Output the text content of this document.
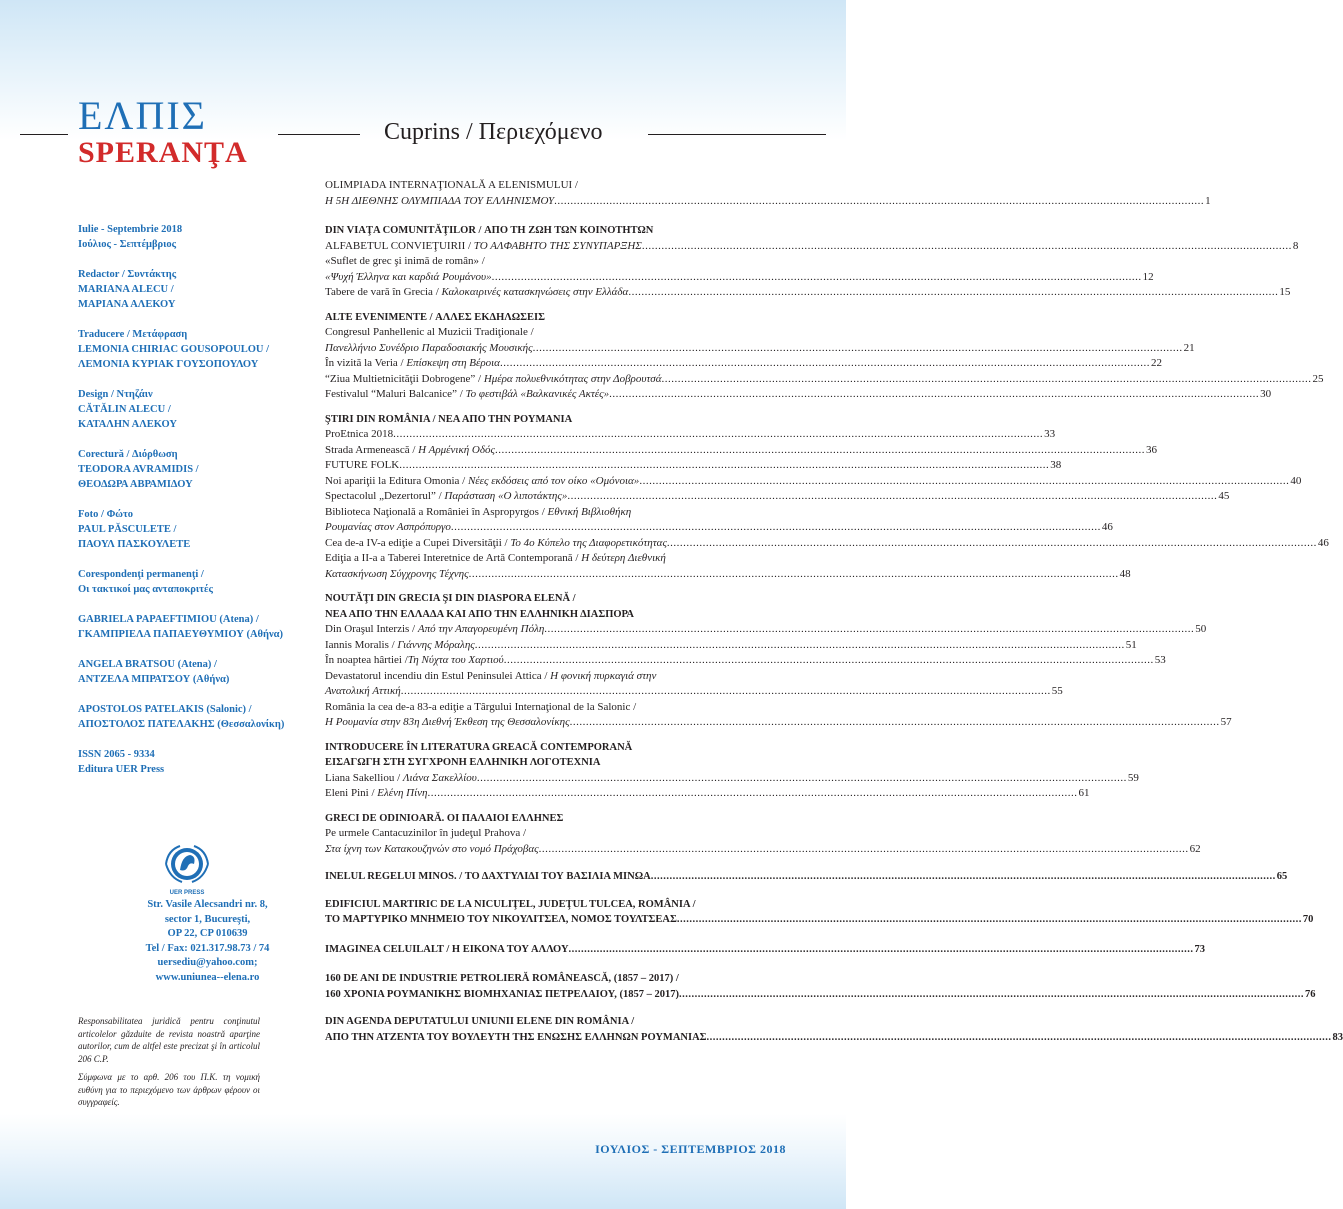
ΕΛΠΙΣ
SPERANŢA
Cuprins / Περιεχόμενο
Iulie - Septembrie 2018
Ιούλιος - Σεπτέμβριος
Redactor / Συντάκτης
MARIANA ALECU /
ΜΑΡΙΑΝΑ ΑΛΕΚΟΥ
Traducere / Μετάφραση
LEMONIA CHIRIAC GOUSOPOULOU /
ΛΕΜΟΝΙΑ ΚΥΡΙΑΚ ΓΟΥΣΟΠΟΥΛΟΥ
Design / Ντηζάιν
CĂTĂLIN ALECU /
ΚΑΤΑΛΗΝ ΑΛΕΚΟΥ
Corectură / Διόρθωση
TEODORA AVRAMIDIS /
ΘΕΟΔΩΡΑ ΑΒΡΑΜΙΔΟΥ
Foto / Φώτο
PAUL PĂSCULETE /
ΠΑΟΥΛ ΠΑΣΚΟΥΛΕΤΕ
Corespondenţi permanenţi /
Οι τακτικοί μας ανταποκριτές
GABRIELA PAPAEFTIMIOU (Atena) /
ΓΚΑΜΠΡΙΕΛΑ ΠΑΠΑΕΥΘΥΜΙΟΥ (Αθήνα)
ANGELA BRATSOU (Atena) /
ΑΝΤΖΕΛΑ ΜΠΡΑΤΣΟΥ (Αθήνα)
APOSTOLOS PATELAKIS (Salonic) /
ΑΠΟΣΤΟΛΟΣ ΠΑΤΕΛΑΚΗΣ (Θεσσαλονίκη)
ISSN 2065 - 9334
Editura UER Press
UER PRESS
Str. Vasile Alecsandri nr. 8,
sector 1, Bucureşti,
OP 22, CP 010639
Tel / Fax: 021.317.98.73 / 74
uersediu@yahoo.com;
www.uniunea--elena.ro

Responsabilitatea juridică pentru conţinutul articolelor găzduite de revista noastră aparţine autorilor, cum de altfel este precizat şi în articolul 206 C.P.

Σύμφωνα με το αρθ. 206 του Π.Κ. τη νομική ευθύνη για το περιεχόμενο των άρθρων φέρουν οι συγγραφείς.

OLIMPIADA INTERNAŢIONALĂ A ELENISMULUI /
Η 5Η ΔΙΕΘΝΗΣ ΟΛΥΜΠΙΑΔΑ ΤΟΥ ΕΛΛΗΝΙΣΜΟΥ .....	1
DIN VIAŢA COMUNITĂŢILOR / ΑΠΟ ΤΗ ΖΩΗ ΤΩΝ ΚΟΙΝΟΤΗΤΩΝ
ALFABETUL CONVIEŢUIRII / ΤΟ ΑΛΦΑΒΗΤΟ ΤΗΣ ΣΥΝΥΠΑΡΞΗΣ .....	8
«Suflet de grec şi inimă de român» /
«Ψυχή Έλληνα και καρδιά Ρουμάνου» .....	12
Tabere de vară în Grecia / Καλοκαιρινές κατασκηνώσεις στην Ελλάδα .....	15
ALTE EVENIMENTE / ΑΛΛΕΣ ΕΚΔΗΛΩΣΕΙΣ
Congresul Panhellenic al Muzicii Tradiţionale /
Πανελλήνιο Συνέδριο Παραδοσιακής Μουσικής .....	21
În vizită la Veria / Επίσκεψη στη Βέροια .....	22
“Ziua Multietnicităţii Dobrogene” / Ημέρα πολυεθνικότητας στην Δοβρουτσά .....	25
Festivalul “Maluri Balcanice” / Το φεστιβάλ «Βαλκανικές Ακτές» .....	30
ŞTIRI DIN ROMÂNIA / ΝΕΑ ΑΠΟ ΤΗΝ ΡΟΥΜΑΝΙΑ
ProEtnica 2018 .....	33
Strada Armenească / Η Αρμένική Οδός .....	36
FUTURE FOLK .....	38
Noi apariţii la Editura Omonia / Νέες εκδόσεις από τον οίκο «Ομόνοια» .....	40
Spectacolul „Dezertorul” / Παράσταση «Ο λιποτάκτης» .....	45
Biblioteca Naţională a României în Aspropyrgos / Εθνική Βιβλιοθήκη
Ρουμανίας στον Ασπρόπυργο .....	46
Cea de-a IV-a ediţie a Cupei Diversităţii / Το 4ο Κύπελο της Διαφορετικότητας .....	46
Ediţia a II-a a Taberei Interetnice de Artă Contemporană / Η δεύτερη Διεθνική
Κατασκήνωση Σύγχρονης Τέχνης .....	48
NOUTĂŢI DIN GRECIA ŞI DIN DIASPORA ELENĂ /
ΝΕΑ ΑΠΟ ΤΗΝ ΕΛΛΑΔΑ ΚΑΙ ΑΠΟ ΤΗΝ ΕΛΛΗΝΙΚΗ ΔΙΑΣΠΟΡΑ
Din Oraşul Interzis / Από την Απαγορευμένη Πόλη .....	50
Iannis Moralis / Γιάννης Μόραλης .....	51
În noaptea hârtiei /Τη Νύχτα του Χαρτιού .....	53
Devastatorul incendiu din Estul Peninsulei Attica / Η φονική πυρκαγιά στην
Ανατολική Αττική .....	55
România la cea de-a 83-a ediţie a Târgului Internaţional de la Salonic /
Η Ρουμανία στην 83η Διεθνή Έκθεση της Θεσσαλονίκης .....	57
INTRODUCERE ÎN LITERATURA GREACĂ CONTEMPORANĂ
ΕΙΣΑΓΩΓΗ ΣΤΗ ΣΥΓΧΡΟΝΗ ΕΛΛΗΝΙΚΗ ΛΟΓΟΤΕΧΝΙΑ
Liana Sakelliou / Λιάνα Σακελλίου .....	59
Eleni Pini / Ελένη Πίνη .....	61
GRECI DE ODINIOARĂ. ΟΙ ΠΑΛΑΙΟΙ ΕΛΛΗΝΕΣ
Pe urmele Cantacuzinilor în judeţul Prahova /
Στα ίχνη των Κατακουζηνών στο νομό Πράχοβας .....	62
INELUL REGELUI MINOS. / ΤΟ ΔΑΧΤΥΛΙΔΙ ΤΟΥ ΒΑΣΙΛΙΑ ΜΙΝΩΑ .....	65
EDIFICIUL MARTIRIC DE LA NICULIŢEL, JUDEŢUL TULCEA, ROMÂNIA /
ΤΟ ΜΑΡΤΥΡΙΚΟ ΜΝΗΜΕΙΟ ΤΟΥ ΝΙΚΟΥΛΙΤΣΕΛ, ΝΟΜΟΣ ΤΟΥΛΤΣΕΑΣ .....	70
IMAGINEA CELUILALT / Η ΕΙΚΟΝΑ ΤΟΥ ΑΛΛΟΥ .....	73
160 DE ANI DE INDUSTRIE PETROLIERĂ ROMÂNEASCĂ, (1857 – 2017) /
160 ΧΡΟΝΙΑ ΡΟΥΜΑΝΙΚΗΣ ΒΙΟΜΗΧΑΝΙΑΣ ΠΕΤΡΕΛΑΙΟΥ, (1857 – 2017) .....	76
DIN AGENDA DEPUTATULUI UNIUNII ELENE DIN ROMÂNIA /
ΑΠΟ ΤΗΝ ΑΤΖΕΝΤΑ ΤΟΥ ΒΟΥΛΕΥΤΗ ΤΗΣ ΕΝΩΣΗΣ ΕΛΛΗΝΩΝ ΡΟΥΜΑΝΙΑΣ .....	83
ΙΟΥΛΙΟΣ - ΣΕΠΤΕΜΒΡΙΟΣ 2018
